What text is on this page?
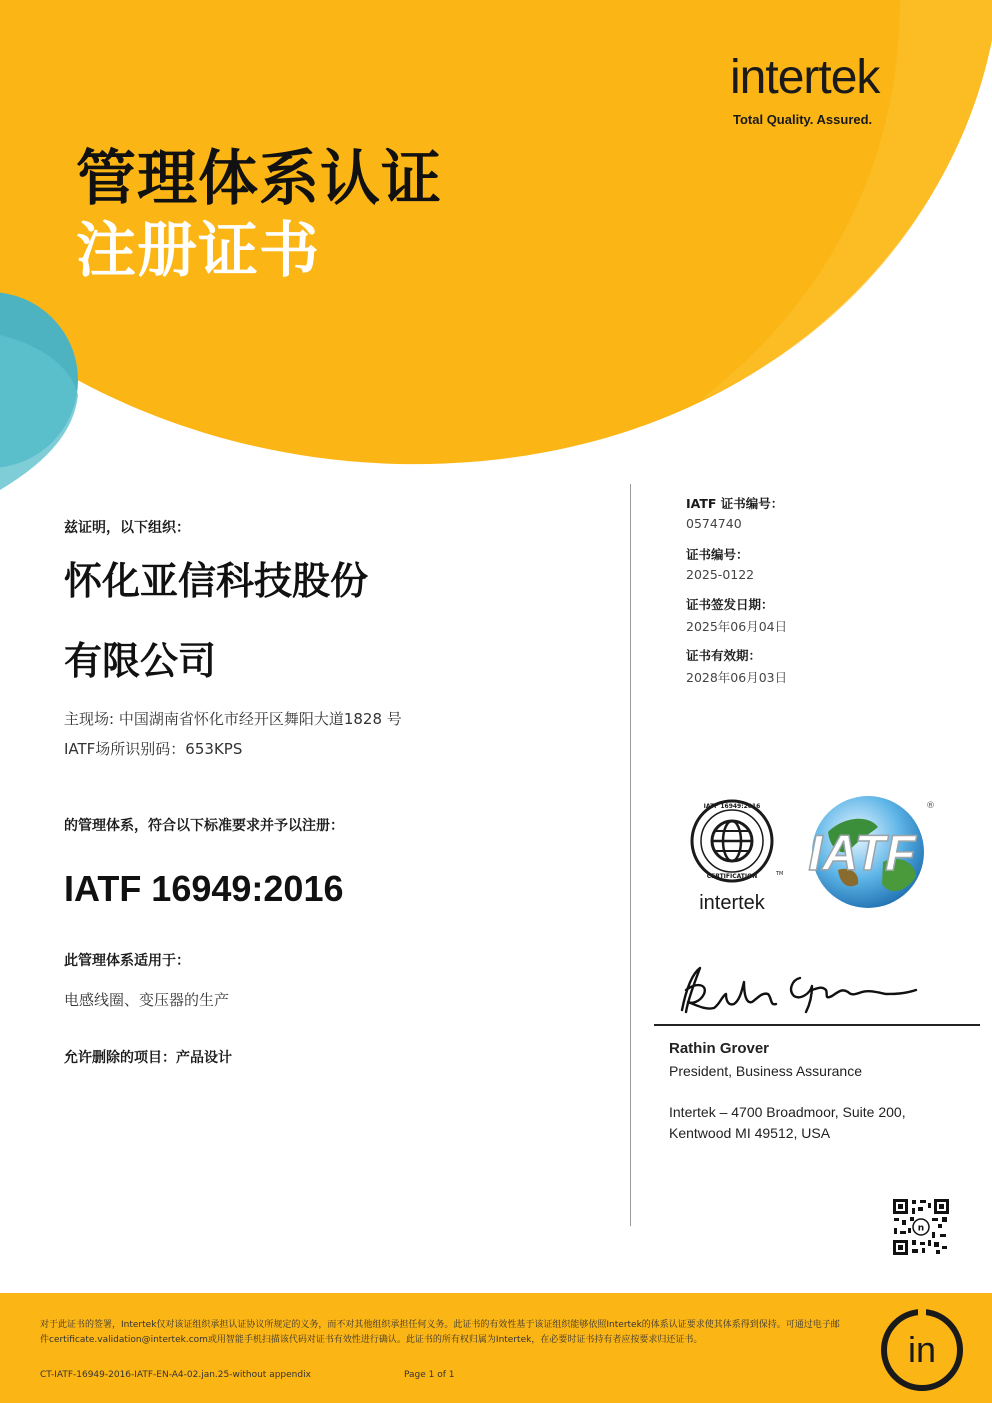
intertek
Total Quality. Assured.
管理体系认证
注册证书
兹证明，以下组织：
怀化亚信科技股份
有限公司
主现场: 中国湖南省怀化市经开区舞阳大道1828 号
IATF场所识别码：653KPS
的管理体系，符合以下标准要求并予以注册：
IATF 16949:2016
此管理体系适用于：
电感线圈、变压器的生产
允许删除的项目：产品设计
IATF 证书编号：
0574740
证书编号：
2025-0122
证书签发日期：
2025年06月04日
证书有效期：
2028年06月03日
IATF 16949:2016
CERTIFICATION	TM
intertek
IATF
®
Rathin Grover
President, Business Assurance
Intertek – 4700 Broadmoor, Suite 200,
Kentwood MI 49512, USA
n
对于此证书的签署，Intertek仅对该证组织承担认证协议所规定的义务，而不对其他组织承担任何义务。此证书的有效性基于该证组织能够依照Intertek的体系认证要求使其体系得到保持。可通过电子邮件certificate.validation@intertek.com或用智能手机扫描该代码对证书有效性进行确认。此证书的所有权归属为Intertek，在必要时证书持有者应按要求归还证书。
CT-IATF-16949-2016-IATF-EN-A4-02.jan.25-without appendix	Page 1 of 1
in
